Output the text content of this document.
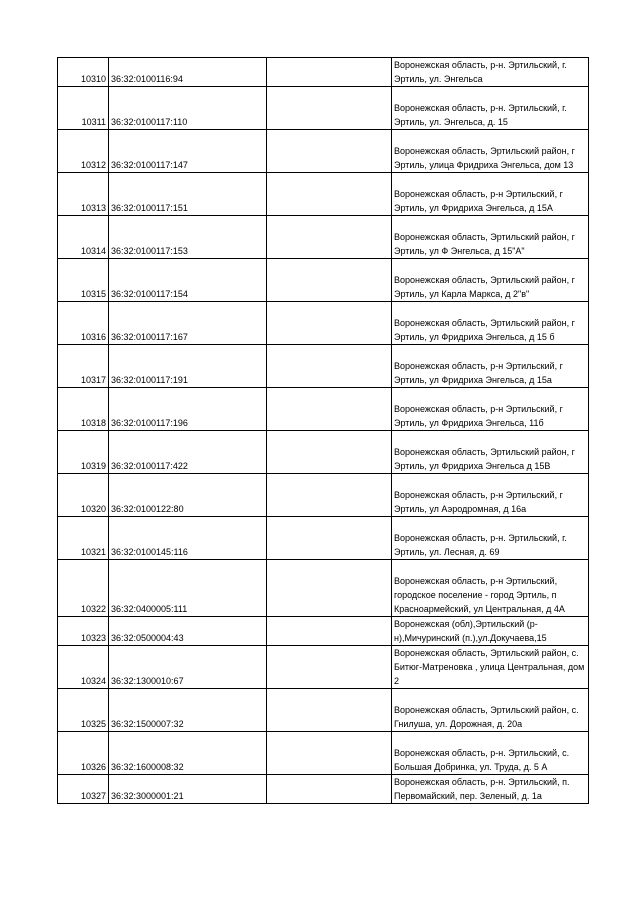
10310	36:32:0100116:94		Воронежская область, р-н. Эртильский, г. Эртиль, ул. Энгельса
10311	36:32:0100117:110		Воронежская область, р-н. Эртильский, г. Эртиль, ул. Энгельса, д. 15
10312	36:32:0100117:147		Воронежская область, Эртильский район, г Эртиль, улица Фридриха Энгельса, дом 13
10313	36:32:0100117:151		Воронежская область, р-н Эртильский, г Эртиль, ул Фридриха Энгельса, д 15А
10314	36:32:0100117:153		Воронежская область, Эртильский район, г Эртиль, ул Ф Энгельса, д 15"А"
10315	36:32:0100117:154		Воронежская область, Эртильский район, г Эртиль, ул Карла Маркса, д 2"в"
10316	36:32:0100117:167		Воронежская область, Эртильский район, г Эртиль, ул Фридриха Энгельса, д 15 б
10317	36:32:0100117:191		Воронежская область, р-н Эртильский, г Эртиль, ул Фридриха Энгельса, д 15а
10318	36:32:0100117:196		Воронежская область, р-н Эртильский, г Эртиль, ул Фридриха Энгельса, 11б
10319	36:32:0100117:422		Воронежская область, Эртильский район, г Эртиль, ул Фридриха Энгельса д 15В
10320	36:32:0100122:80		Воронежская область, р-н Эртильский, г Эртиль, ул Аэродромная, д 16а
10321	36:32:0100145:116		Воронежская область, р-н. Эртильский, г. Эртиль, ул. Лесная, д. 69
10322	36:32:0400005:111		Воронежская область, р-н Эртильский, городское поселение - город Эртиль, п Красноармейский, ул Центральная, д 4А
10323	36:32:0500004:43		Воронежская (обл),Эртильский (р-н),Мичуринский (п.),ул.Докучаева,15
10324	36:32:1300010:67		Воронежская область, Эртильский район, с. Битюг-Матреновка , улица Центральная, дом 2
10325	36:32:1500007:32		Воронежская область, Эртильский район, с. Гнилуша, ул. Дорожная, д. 20а
10326	36:32:1600008:32		Воронежская область, р-н. Эртильский, с. Большая Добринка, ул. Труда, д. 5 А
10327	36:32:3000001:21		Воронежская область, р-н. Эртильский, п. Первомайский, пер. Зеленый, д. 1а
